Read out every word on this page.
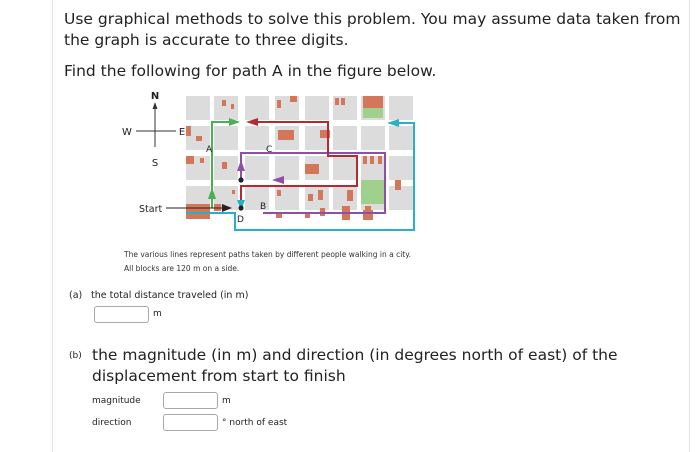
Use graphical methods to solve this problem. You may assume data taken from the graph is accurate to three digits.
Find the following for path A in the figure below.
N
S
E
W
Start
A
B
C
D
The various lines represent paths taken by different people walking in a city.
All blocks are 120 m on a side.
(a) the total distance traveled (in m)
m
(b) the magnitude (in m) and direction (in degrees north of east) of the displacement from start to finish
magnitude	m
direction	° north of east
